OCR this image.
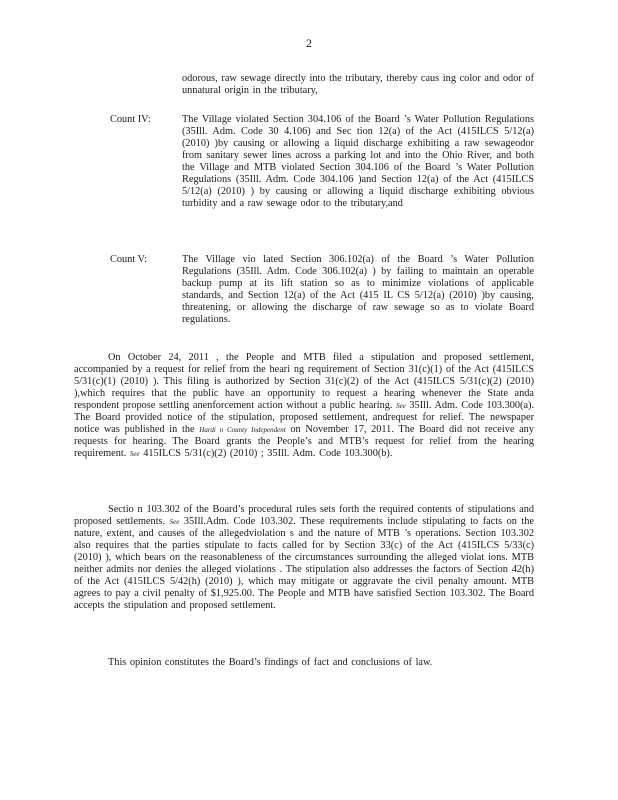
2
odorous, raw sewage directly into the tributary, thereby caus ing color and odor of unnatural origin in the tributary,
Count IV:	The Village violated Section 304.106 of the Board ’s Water Pollution Regulations (35Ill. Adm. Code 30 4.106) and Sec tion 12(a) of the Act (415ILCS 5/12(a) (2010) )by causing or allowing a liquid discharge exhibiting a raw sewageodor from sanitary sewer lines across a parking lot and into the Ohio River, and both the Village and MTB violated Section 304.106 of the Board ’s Water Pollution Regulations (35Ill. Adm. Code 304.106 )and Section 12(a) of the Act (415ILCS 5/12(a) (2010) ) by causing or allowing a liquid discharge exhibiting obvious turbidity and a raw sewage odor to the tributary,and
Count V:	The Village vio lated Section 306.102(a) of the Board ’s Water Pollution Regulations (35Ill. Adm. Code 306.102(a) ) by failing to maintain an operable backup pump at its lift station so as to minimize violations of applicable standards, and Section 12(a) of the Act (415 IL CS 5/12(a) (2010) )by causing, threatening, or allowing the discharge of raw sewage so as to violate Board regulations.
On October 24, 2011 , the People and MTB filed a stipulation and proposed settlement, accompanied by a request for relief from the heari ng requirement of Section 31(c)(1) of the Act (415ILCS 5/31(c)(1) (2010) ). This filing is authorized by Section 31(c)(2) of the Act (415ILCS 5/31(c)(2) (2010) ),which requires that the public have an opportunity to request a hearing whenever the State anda respondent propose settling anenforcement action without a public hearing. See 35Ill. Adm. Code 103.300(a). The Board provided notice of the stipulation, proposed settlement, andrequest for relief. The newspaper notice was published in the Hardi n County Independent on November 17, 2011. The Board did not receive any requests for hearing. The Board grants the People’s and MTB’s request for relief from the hearing requirement. See 415ILCS 5/31(c)(2) (2010) ; 35Ill. Adm. Code 103.300(b).
Sectio n 103.302 of the Board’s procedural rules sets forth the required contents of stipulations and proposed settlements. See 35Ill.Adm. Code 103.302. These requirements include stipulating to facts on the nature, extent, and causes of the allegedviolation s and the nature of MTB ’s operations. Section 103.302 also requires that the parties stipulate to facts called for by Section 33(c) of the Act (415ILCS 5/33(c) (2010) ), which bears on the reasonableness of the circumstances surrounding the alleged violat ions. MTB neither admits nor denies the alleged violations . The stipulation also addresses the factors of Section 42(h) of the Act (415ILCS 5/42(h) (2010) ), which may mitigate or aggravate the civil penalty amount. MTB agrees to pay a civil penalty of $1,925.00. The People and MTB have satisfied Section 103.302. The Board accepts the stipulation and proposed settlement.
This opinion constitutes the Board’s findings of fact and conclusions of law.
